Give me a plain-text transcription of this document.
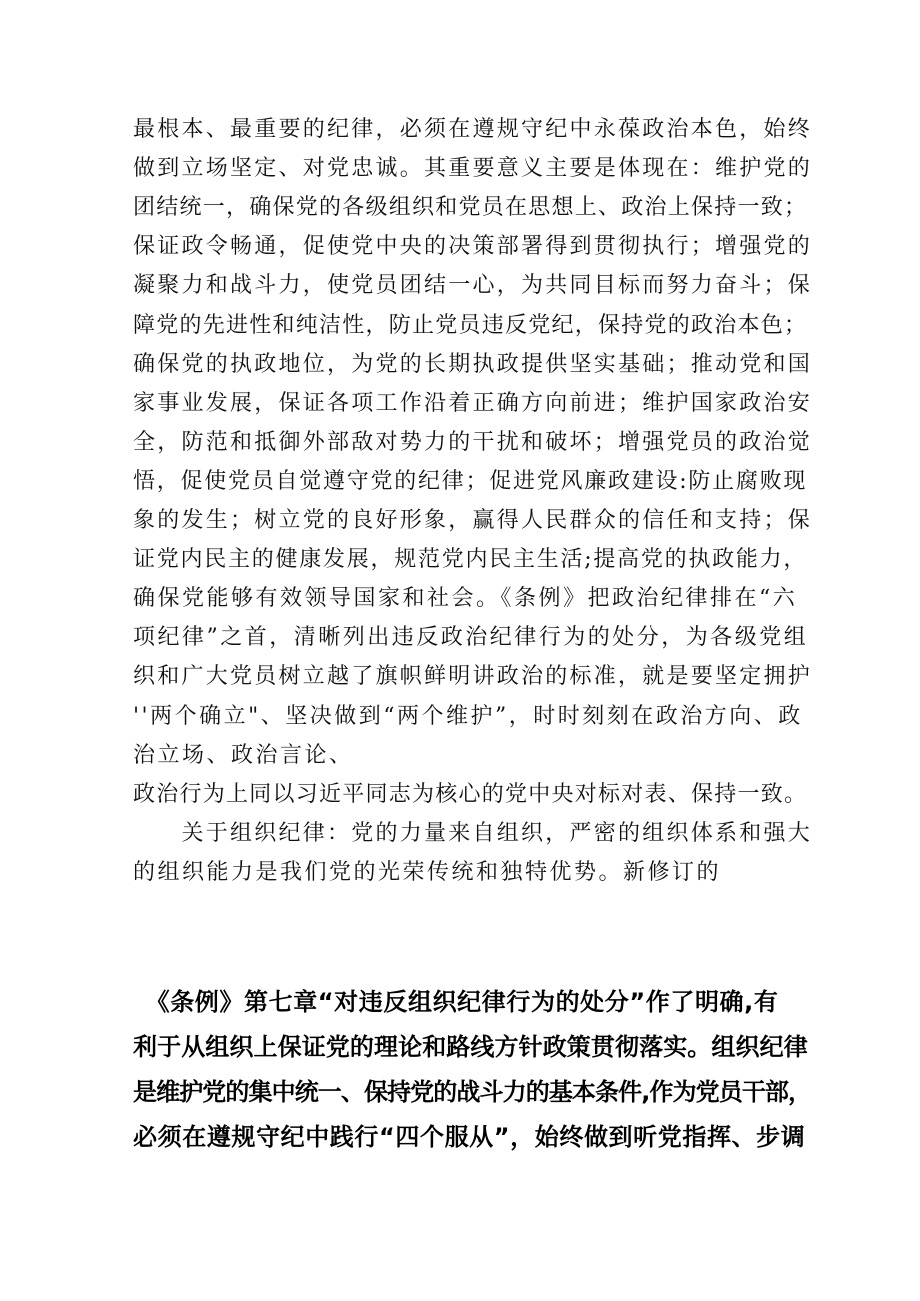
最根本、最重要的纪律，必须在遵规守纪中永葆政治本色，始终

做到立场坚定、对党忠诚。其重要意义主要是体现在：维护党的

团结统一，确保党的各级组织和党员在思想上、政治上保持一致；

保证政令畅通，促使党中央的决策部署得到贯彻执行；增强党的

凝聚力和战斗力，使党员团结一心，为共同目标而努力奋斗；保

障党的先进性和纯洁性，防止党员违反党纪，保持党的政治本色；

确保党的执政地位，为党的长期执政提供坚实基础；推动党和国

家事业发展，保证各项工作沿着正确方向前进；维护国家政治安

全，防范和抵御外部敌对势力的干扰和破坏；增强党员的政治觉

悟，促使党员自觉遵守党的纪律；促进党风廉政建设:防止腐败现

象的发生；树立党的良好形象，赢得人民群众的信任和支持；保

证党内民主的健康发展，规范党内民主生活;提高党的执政能力，

确保党能够有效领导国家和社会。《条例》把政治纪律排在“六

项纪律”之首，清晰列出违反政治纪律行为的处分，为各级党组

织和广大党员树立越了旗帜鲜明讲政治的标准，就是要坚定拥护

''两个确立"、坚决做到“两个维护”，时时刻刻在政治方向、政

治立场、政治言论、

政治行为上同以习近平同志为核心的党中央对标对表、保持一致。

　　关于组织纪律：党的力量来自组织，严密的组织体系和强大

的组织能力是我们党的光荣传统和独特优势。新修订的

　《条例》第七章“对违反组织纪律行为的处分”作了明确,有

利于从组织上保证党的理论和路线方针政策贯彻落实。组织纪律

是维护党的集中统一、保持党的战斗力的基本条件,作为党员干部，

必须在遵规守纪中践行“四个服从”，始终做到听党指挥、步调
